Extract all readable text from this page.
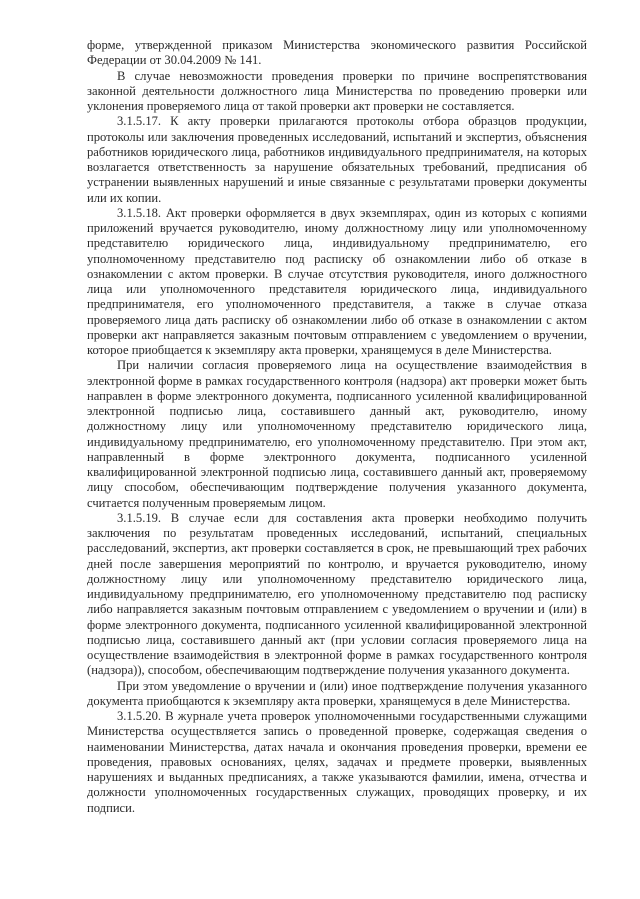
форме, утвержденной приказом Министерства экономического развития Российской Федерации от 30.04.2009 № 141.

В случае невозможности проведения проверки по причине воспрепятствования законной деятельности должностного лица Министерства по проведению проверки или уклонения проверяемого лица от такой проверки акт проверки не составляется.

3.1.5.17. К акту проверки прилагаются протоколы отбора образцов продукции, протоколы или заключения проведенных исследований, испытаний и экспертиз, объяснения работников юридического лица, работников индивидуального предпринимателя, на которых возлагается ответственность за нарушение обязательных требований, предписания об устранении выявленных нарушений и иные связанные с результатами проверки документы или их копии.

3.1.5.18. Акт проверки оформляется в двух экземплярах, один из которых с копиями приложений вручается руководителю, иному должностному лицу или уполномоченному представителю юридического лица, индивидуальному предпринимателю, его уполномоченному представителю под расписку об ознакомлении либо об отказе в ознакомлении с актом проверки. В случае отсутствия руководителя, иного должностного лица или уполномоченного представителя юридического лица, индивидуального предпринимателя, его уполномоченного представителя, а также в случае отказа проверяемого лица дать расписку об ознакомлении либо об отказе в ознакомлении с актом проверки акт направляется заказным почтовым отправлением с уведомлением о вручении, которое приобщается к экземпляру акта проверки, хранящемуся в деле Министерства.

При наличии согласия проверяемого лица на осуществление взаимодействия в электронной форме в рамках государственного контроля (надзора) акт проверки может быть направлен в форме электронного документа, подписанного усиленной квалифицированной электронной подписью лица, составившего данный акт, руководителю, иному должностному лицу или уполномоченному представителю юридического лица, индивидуальному предпринимателю, его уполномоченному представителю. При этом акт, направленный в форме электронного документа, подписанного усиленной квалифицированной электронной подписью лица, составившего данный акт, проверяемому лицу способом, обеспечивающим подтверждение получения указанного документа, считается полученным проверяемым лицом.

3.1.5.19. В случае если для составления акта проверки необходимо получить заключения по результатам проведенных исследований, испытаний, специальных расследований, экспертиз, акт проверки составляется в срок, не превышающий трех рабочих дней после завершения мероприятий по контролю, и вручается руководителю, иному должностному лицу или уполномоченному представителю юридического лица, индивидуальному предпринимателю, его уполномоченному представителю под расписку либо направляется заказным почтовым отправлением с уведомлением о вручении и (или) в форме электронного документа, подписанного усиленной квалифицированной электронной подписью лица, составившего данный акт (при условии согласия проверяемого лица на осуществление взаимодействия в электронной форме в рамках государственного контроля (надзора)), способом, обеспечивающим подтверждение получения указанного документа.

При этом уведомление о вручении и (или) иное подтверждение получения указанного документа приобщаются к экземпляру акта проверки, хранящемуся в деле Министерства.

3.1.5.20. В журнале учета проверок уполномоченными государственными служащими Министерства осуществляется запись о проведенной проверке, содержащая сведения о наименовании Министерства, датах начала и окончания проведения проверки, времени ее проведения, правовых основаниях, целях, задачах и предмете проверки, выявленных нарушениях и выданных предписаниях, а также указываются фамилии, имена, отчества и должности уполномоченных государственных служащих, проводящих проверку, и их подписи.
